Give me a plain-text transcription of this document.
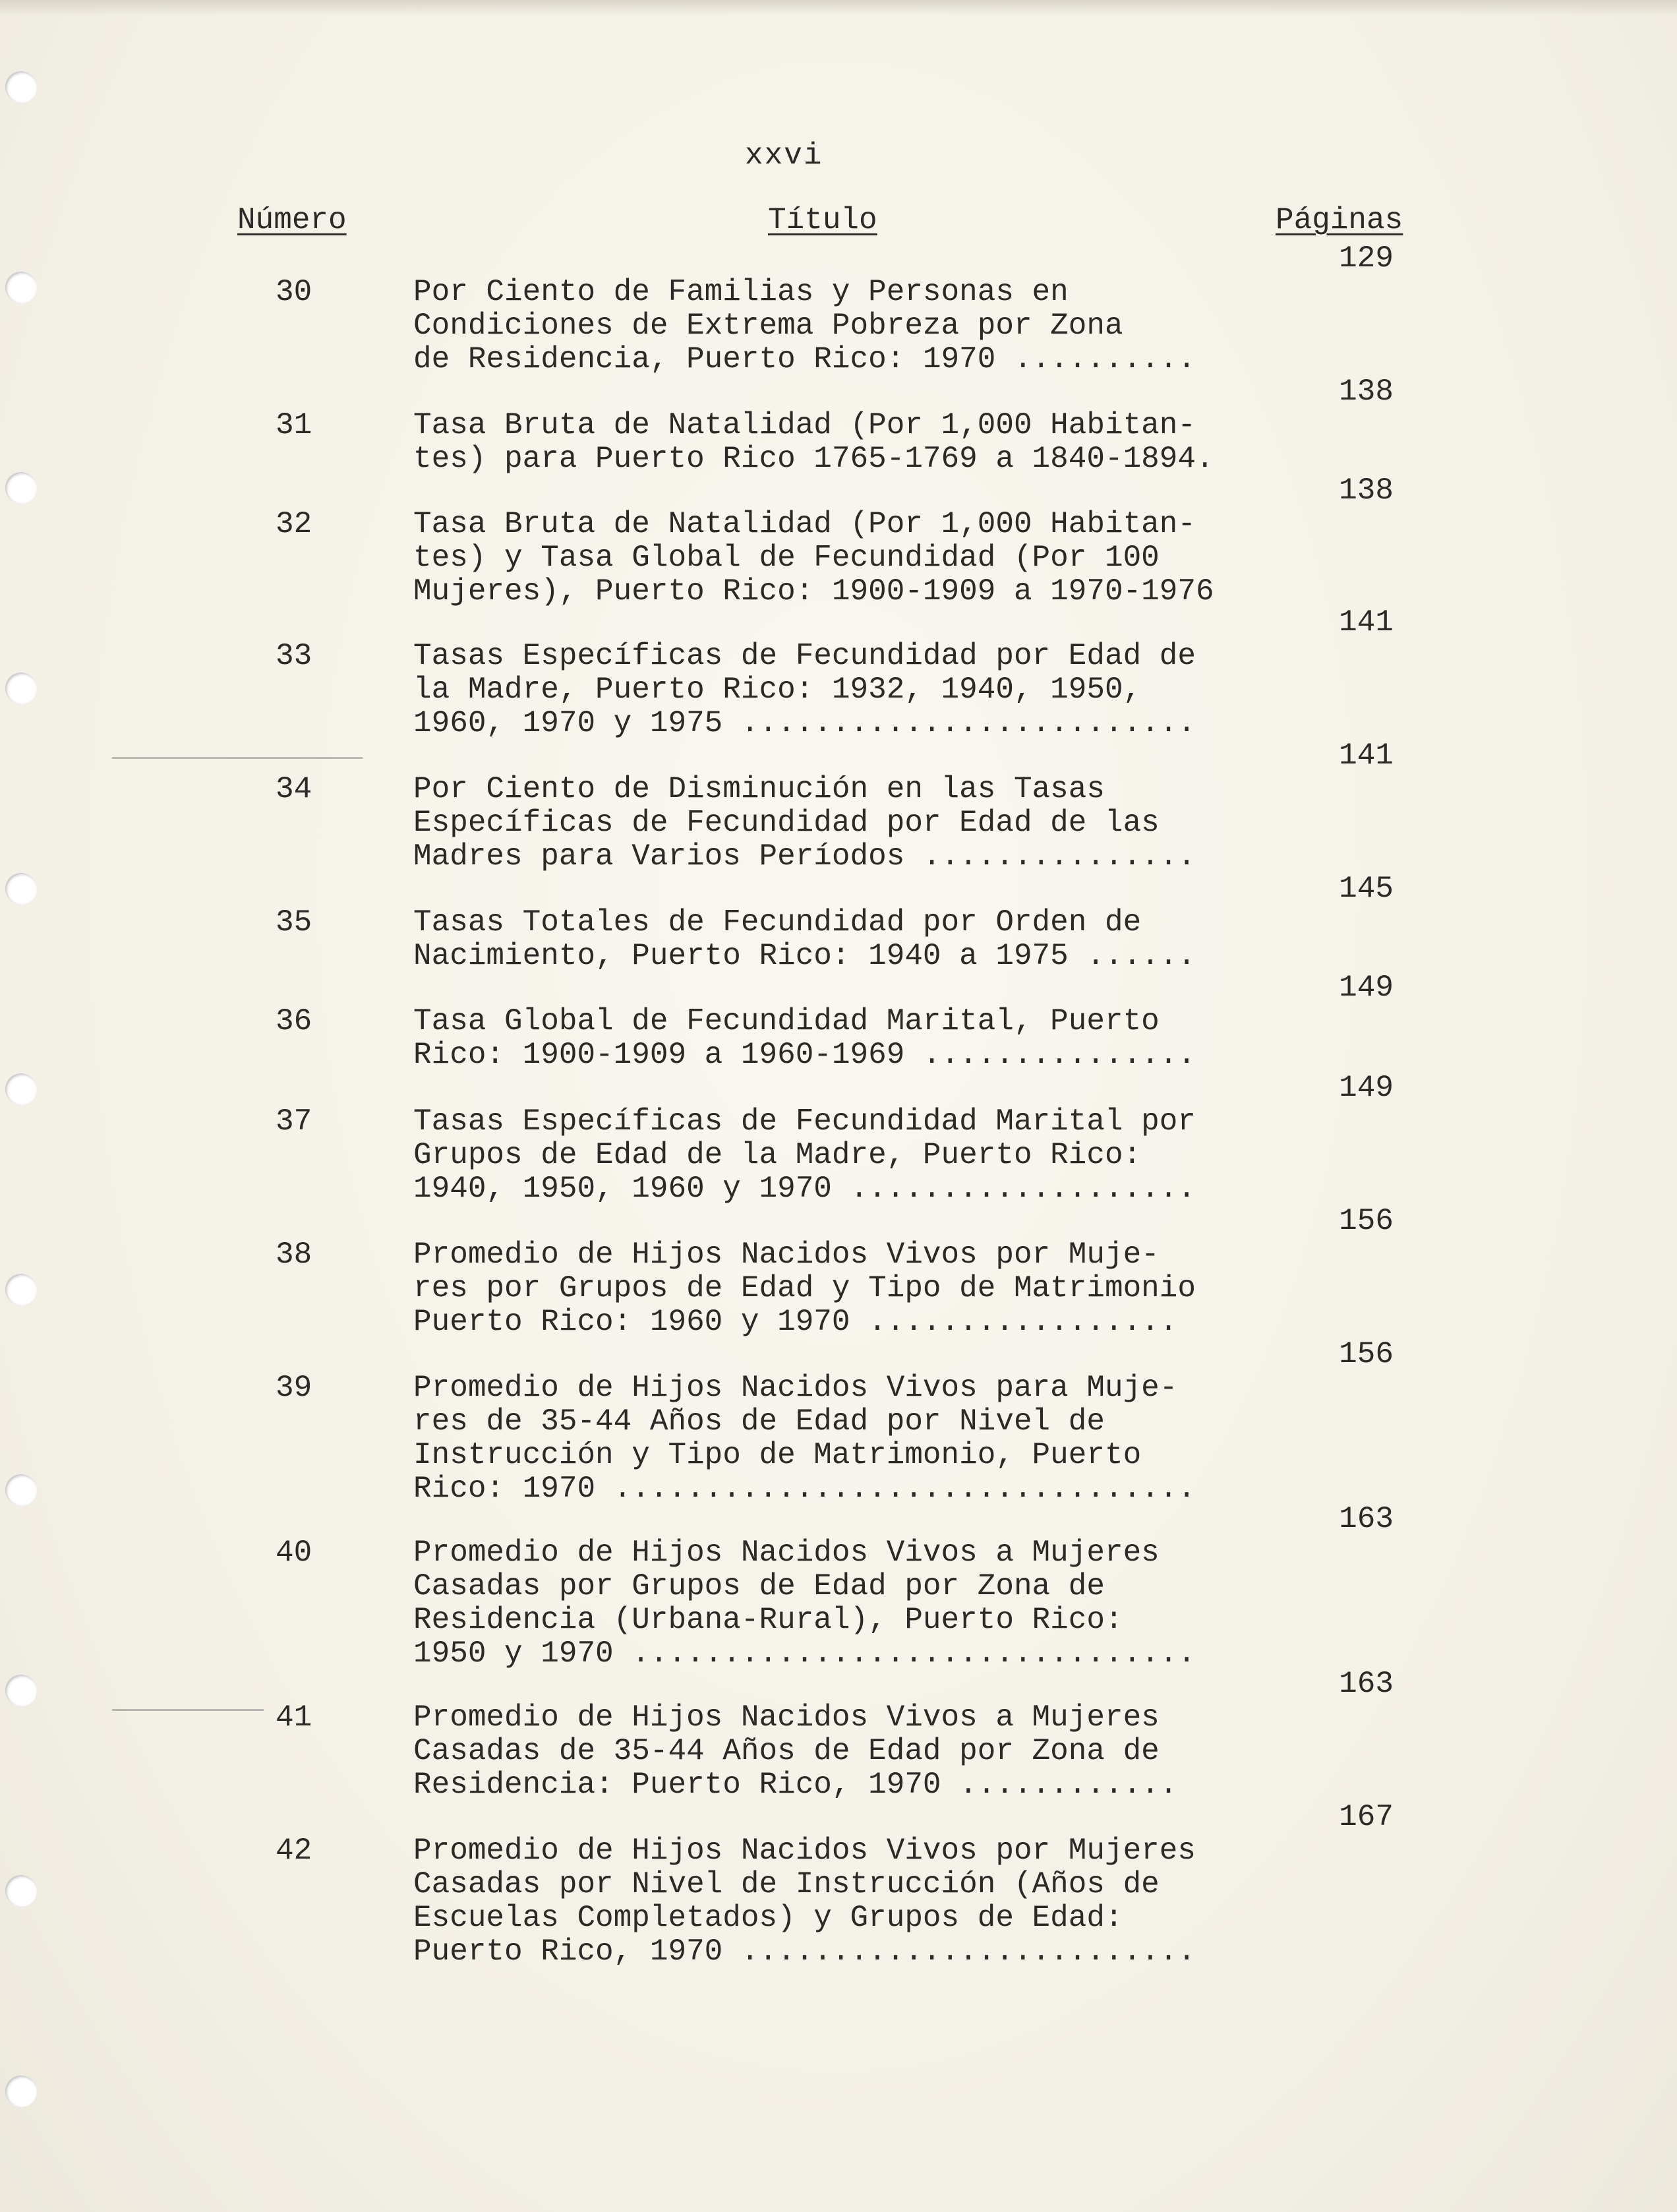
xxvi
Número	Título	Páginas
30	Por Ciento de Familias y Personas en
Condiciones de Extrema Pobreza por Zona
de Residencia, Puerto Rico: 1970 ..........
129
31	Tasa Bruta de Natalidad (Por 1,000 Habitan-
tes) para Puerto Rico 1765-1769 a 1840-1894.
138
32	Tasa Bruta de Natalidad (Por 1,000 Habitan-
tes) y Tasa Global de Fecundidad (Por 100
Mujeres), Puerto Rico: 1900-1909 a 1970-1976
138
33	Tasas Específicas de Fecundidad por Edad de
la Madre, Puerto Rico: 1932, 1940, 1950,
1960, 1970 y 1975 .........................
141
34	Por Ciento de Disminución en las Tasas
Específicas de Fecundidad por Edad de las
Madres para Varios Períodos ...............
141
35	Tasas Totales de Fecundidad por Orden de
Nacimiento, Puerto Rico: 1940 a 1975 ......
145
36	Tasa Global de Fecundidad Marital, Puerto
Rico: 1900-1909 a 1960-1969 ...............
149
37	Tasas Específicas de Fecundidad Marital por
Grupos de Edad de la Madre, Puerto Rico:
1940, 1950, 1960 y 1970 ...................
149
38	Promedio de Hijos Nacidos Vivos por Muje-
res por Grupos de Edad y Tipo de Matrimonio
Puerto Rico: 1960 y 1970 .................
156
39	Promedio de Hijos Nacidos Vivos para Muje-
res de 35-44 Años de Edad por Nivel de
Instrucción y Tipo de Matrimonio, Puerto
Rico: 1970 ................................
156
40	Promedio de Hijos Nacidos Vivos a Mujeres
Casadas por Grupos de Edad por Zona de
Residencia (Urbana-Rural), Puerto Rico:
1950 y 1970 ...............................
163
41	Promedio de Hijos Nacidos Vivos a Mujeres
Casadas de 35-44 Años de Edad por Zona de
Residencia: Puerto Rico, 1970 ............
163
42	Promedio de Hijos Nacidos Vivos por Mujeres
Casadas por Nivel de Instrucción (Años de
Escuelas Completados) y Grupos de Edad:
Puerto Rico, 1970 .........................
167
